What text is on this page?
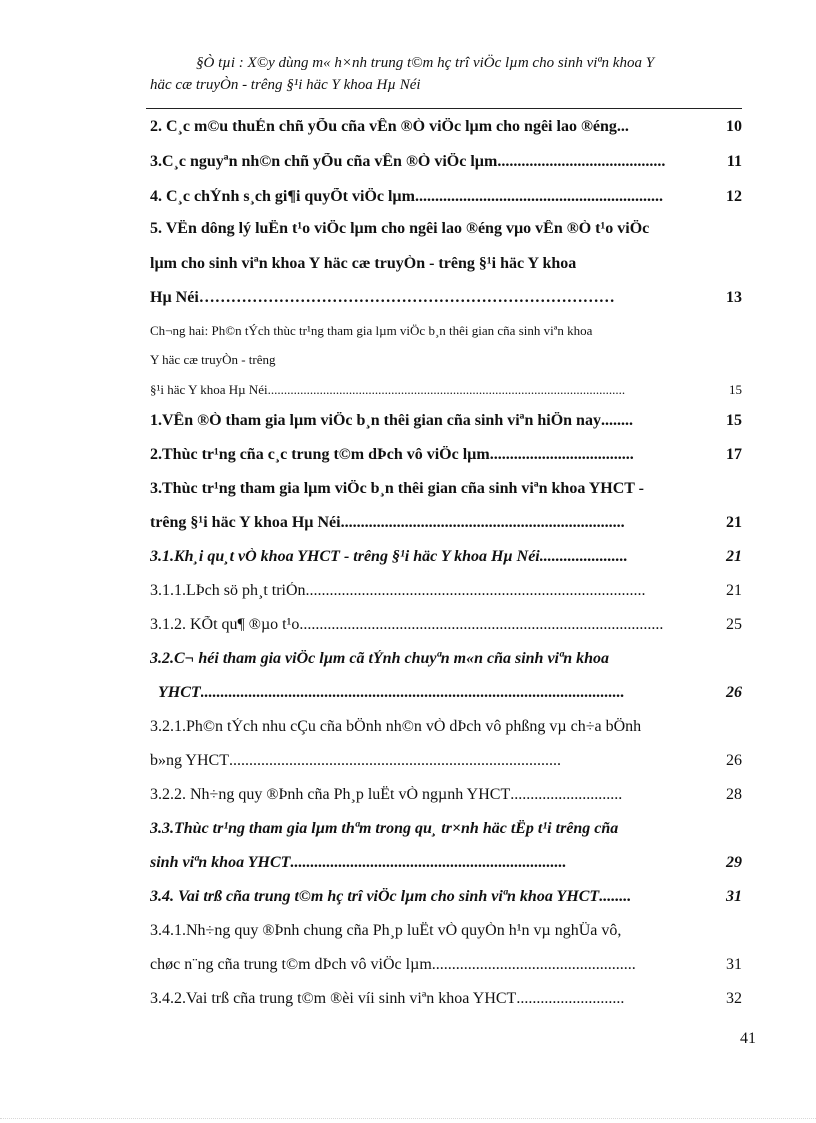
§Ò tµi : X©y dùng m« h×nh trung t©m hç trî viÖc lµm cho sinh viªn khoa Y
häc cæ truyÒn - trêng §¹i häc Y khoa Hµ Néi
2. C¸c m©u thuÉn chñ yÕu cña vÊn ®Ò viÖc lµm cho ngêi lao ®éng ...	10
3.C¸c nguyªn nh©n chñ yÕu cña vÊn ®Ò viÖc lµm ..........................................	11
4. C¸c chÝnh s¸ch gi¶i quyÕt viÖc lµm ..............................................................	12
5. VËn dông lý luËn t¹o viÖc lµm cho ngêi lao ®éng vµo vÊn ®Ò t¹o viÖc
lµm cho sinh viªn khoa Y häc cæ truyÒn - trêng §¹i häc Y khoa
Hµ Néi ……………………………………………………………………	13
Ch¬ng hai: Ph©n tÝch thùc tr¹ng tham gia lµm viÖc b¸n thêi gian cña sinh viªn khoa
Y häc cæ truyÒn - trêng
§¹i häc Y khoa Hµ Néi ..............................................................................................................	15
1.VÊn ®Ò tham gia lµm viÖc b¸n thêi gian cña sinh viªn hiÖn nay ........	15
2.Thùc tr¹ng cña c¸c trung t©m dÞch vô viÖc lµm ....................................	17
3.Thùc tr¹ng tham gia lµm viÖc b¸n thêi gian cña sinh viªn khoa YHCT -
trêng §¹i häc Y khoa Hµ Néi .......................................................................	21
3.1.Kh¸i qu¸t vÒ khoa YHCT - trêng §¹i häc Y khoa Hµ Néi ......................	21
3.1.1.LÞch sö ph¸t triÓn .....................................................................................	21
3.1.2. KÕt qu¶ ®µo t¹o ...........................................................................................	25
3.2.C¬ héi tham gia viÖc lµm cã tÝnh chuyªn m«n cña sinh viªn khoa
YHCT ..........................................................................................................	26
3.2.1.Ph©n tÝch nhu cÇu cña bÖnh nh©n vÒ dÞch vô phßng vµ ch÷a bÖnh
b»ng YHCT ...................................................................................	26
3.2.2. Nh÷ng quy ®Þnh cña Ph¸p luËt vÒ ngµnh YHCT ............................	28
3.3.Thùc tr¹ng tham gia lµm thªm trong qu¸ tr×nh häc tËp t¹i trêng cña
sinh viªn khoa YHCT .....................................................................	29
3.4. Vai trß cña trung t©m hç trî viÖc lµm cho sinh viªn khoa YHCT ........	31
3.4.1.Nh÷ng quy ®Þnh chung cña Ph¸p luËt vÒ quyÒn h¹n vµ nghÜa vô,
chøc n¨ng cña trung t©m dÞch vô viÖc lµm ...................................................	31
3.4.2.Vai trß cña trung t©m ®èi víi sinh viªn khoa YHCT ...........................	32
41
